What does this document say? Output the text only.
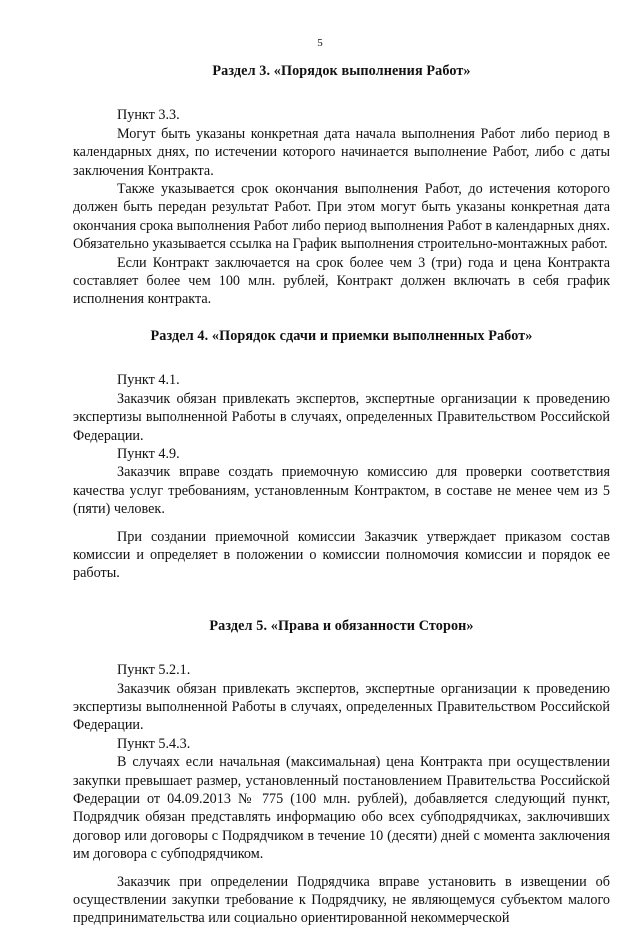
5
Раздел 3. «Порядок выполнения Работ»

Пункт 3.3.

Могут быть указаны конкретная дата начала выполнения Работ либо период в календарных днях, по истечении которого начинается выполнение Работ, либо с даты заключения Контракта.

Также указывается срок окончания выполнения Работ, до истечения которого должен быть передан результат Работ. При этом могут быть указаны конкретная дата окончания срока выполнения Работ либо период выполнения Работ в календарных днях. Обязательно указывается ссылка на График выполнения строительно-монтажных работ.

Если Контракт заключается на срок более чем 3 (три) года и цена Контракта составляет более чем 100 млн. рублей, Контракт должен включать в себя график исполнения контракта.

Раздел 4. «Порядок сдачи и приемки выполненных Работ»

Пункт 4.1.

Заказчик обязан привлекать экспертов, экспертные организации к проведению экспертизы выполненной Работы в случаях, определенных Правительством Российской Федерации.

Пункт 4.9.

Заказчик вправе создать приемочную комиссию для проверки соответствия качества услуг требованиям, установленным Контрактом, в составе не менее чем из 5 (пяти) человек.

При создании приемочной комиссии Заказчик утверждает приказом состав комиссии и определяет в положении о комиссии полномочия комиссии и порядок ее работы.

Раздел 5. «Права и обязанности Сторон»

Пункт 5.2.1.

Заказчик обязан привлекать экспертов, экспертные организации к проведению экспертизы выполненной Работы в случаях, определенных Правительством Российской Федерации.

Пункт 5.4.3.

В случаях если начальная (максимальная) цена Контракта при осуществлении закупки превышает размер, установленный постановлением Правительства Российской Федерации от 04.09.2013 № 775 (100 млн. рублей), добавляется следующий пункт, Подрядчик обязан представлять информацию обо всех субподрядчиках, заключивших договор или договоры с Подрядчиком в течение 10 (десяти) дней с момента заключения им договора с субподрядчиком.

Заказчик при определении Подрядчика вправе установить в извещении об осуществлении закупки требование к Подрядчику, не являющемуся субъектом малого предпринимательства или социально ориентированной некоммерческой
